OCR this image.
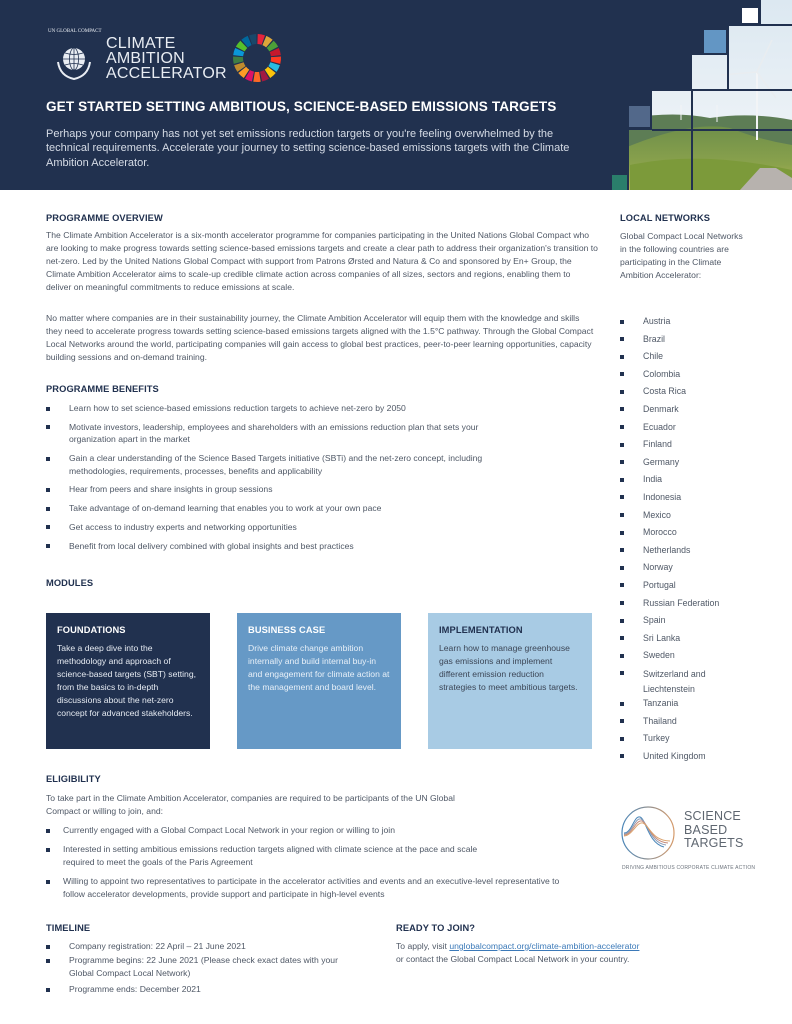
UN GLOBAL COMPACT
CLIMATE
AMBITION
ACCELERATOR
GET STARTED SETTING AMBITIOUS, SCIENCE-BASED EMISSIONS TARGETS
Perhaps your company has not yet set emissions reduction targets or you're feeling overwhelmed by the technical requirements. Accelerate your journey to setting science-based emissions targets with the Climate Ambition Accelerator.
PROGRAMME OVERVIEW
The Climate Ambition Accelerator is a six-month accelerator programme for companies participating in the United Nations Global Compact who are looking to make progress towards setting science-based emissions targets and create a clear path to address their organization's transition to net-zero. Led by the United Nations Global Compact with support from Patrons Ørsted and Natura & Co and sponsored by En+ Group, the Climate Ambition Accelerator aims to scale-up credible climate action across companies of all sizes, sectors and regions, enabling them to deliver on meaningful commitments to reduce emissions at scale.
No matter where companies are in their sustainability journey, the Climate Ambition Accelerator will equip them with the knowledge and skills they need to accelerate progress towards setting science-based emissions targets aligned with the 1.5°C pathway. Through the Global Compact Local Networks around the world, participating companies will gain access to global best practices, peer-to-peer learning opportunities, capacity building sessions and on-demand training.
PROGRAMME BENEFITS
Learn how to set science-based emissions reduction targets to achieve net-zero by 2050
Motivate investors, leadership, employees and shareholders with an emissions reduction plan that sets your organization apart in the market
Gain a clear understanding of the Science Based Targets initiative (SBTi) and the net-zero concept, including methodologies, requirements, processes, benefits and applicability
Hear from peers and share insights in group sessions
Take advantage of on-demand learning that enables you to work at your own pace
Get access to industry experts and networking opportunities
Benefit from local delivery combined with global insights and best practices
MODULES
FOUNDATIONS
Take a deep dive into the methodology and approach of science-based targets (SBT) setting, from the basics to in-depth discussions about the net-zero concept for advanced stakeholders.
BUSINESS CASE
Drive climate change ambition internally and build internal buy-in and engagement for climate action at the management and board level.
IMPLEMENTATION
Learn how to manage greenhouse gas emissions and implement different emission reduction strategies to meet ambitious targets.
ELIGIBILITY
To take part in the Climate Ambition Accelerator, companies are required to be participants of the UN Global Compact or willing to join, and:
Currently engaged with a Global Compact Local Network in your region or willing to join
Interested in setting ambitious emissions reduction targets aligned with climate science at the pace and scale required to meet the goals of the Paris Agreement
Willing to appoint two representatives to participate in the accelerator activities and events and an executive-level representative to follow accelerator developments, provide support and participate in high-level events
TIMELINE
Company registration: 22 April – 21 June 2021
Programme begins: 22 June 2021 (Please check exact dates with your Global Compact Local Network)
Programme ends: December 2021
READY TO JOIN?
To apply, visit unglobalcompact.org/climate-ambition-accelerator
or contact the Global Compact Local Network in your country.
LOCAL NETWORKS
Global Compact Local Networks in the following countries are participating in the Climate Ambition Accelerator:
Austria
Brazil
Chile
Colombia
Costa Rica
Denmark
Ecuador
Finland
Germany
India
Indonesia
Mexico
Morocco
Netherlands
Norway
Portugal
Russian Federation
Spain
Sri Lanka
Sweden
Switzerland and Liechtenstein
Tanzania
Thailand
Turkey
United Kingdom
SCIENCE
BASED
TARGETS
DRIVING AMBITIOUS CORPORATE CLIMATE ACTION
